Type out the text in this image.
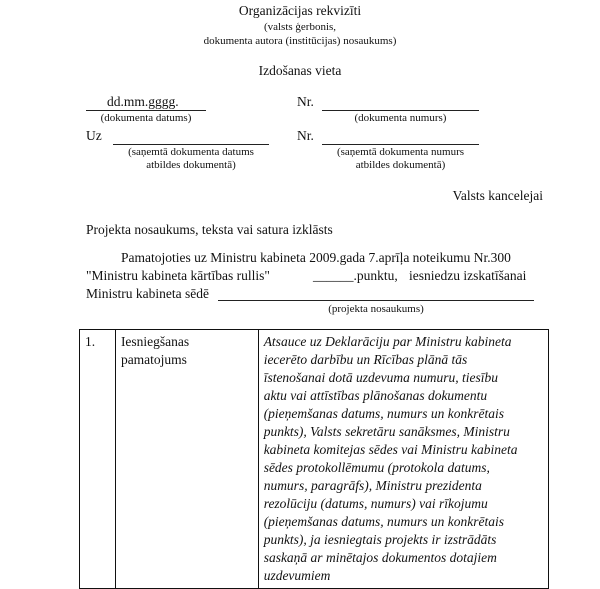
Organizācijas rekvizīti
(valsts ģerbonis,
dokumenta autora (institūcijas) nosaukums)
Izdošanas vieta
dd.mm.gggg.
(dokumenta datums)
Nr.
(dokumenta numurs)
Uz
(saņemtā dokumenta datums
atbildes dokumentā)
Nr.
(saņemtā dokumenta numurs
atbildes dokumentā)
Valsts kancelejai
Projekta nosaukums, teksta vai satura izklāsts
Pamatojoties uz Ministru kabineta 2009.gada 7.aprīļa noteikumu Nr.300
"Ministru kabineta kārtības rullis"	______.punktu, iesniedzu izskatīšanai
Ministru kabineta sēdē
(projekta nosaukums)
1.	Iesniegšanas
pamatojums

Atsauce uz Deklarāciju par Ministru kabineta
iecerēto darbību un Rīcības plānā tās
īstenošanai dotā uzdevuma numuru, tiesību
aktu vai attīstības plānošanas dokumentu
(pieņemšanas datums, numurs un konkrētais
punkts), Valsts sekretāru sanāksmes, Ministru
kabineta komitejas sēdes vai Ministru kabineta
sēdes protokollēmumu (protokola datums,
numurs, paragrāfs), Ministru prezidenta
rezolūciju (datums, numurs) vai rīkojumu
(pieņemšanas datums, numurs un konkrētais
punkts), ja iesniegtais projekts ir izstrādāts
saskaņā ar minētajos dokumentos dotajiem
uzdevumiem
